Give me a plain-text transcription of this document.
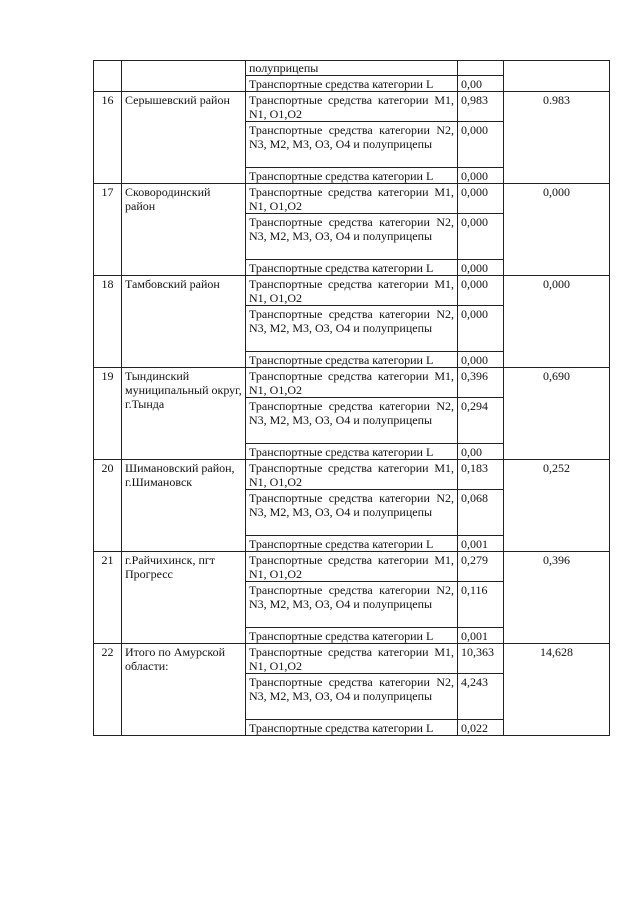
		полуприцепы		
		Транспортные средства категории L	0,00	
16	Серышевский район	Транспортные средства категории M1, N1, O1,O2	0,983	0.983
		Транспортные средства категории N2, N3, M2, M3, O3, O4 и полуприцепы	0,000	
		Транспортные средства категории L	0,000	
17	Сковородинский район	Транспортные средства категории M1, N1, O1,O2	0,000	0,000
		Транспортные средства категории N2, N3, M2, M3, O3, O4 и полуприцепы	0,000	
		Транспортные средства категории L	0,000	
18	Тамбовский район	Транспортные средства категории M1, N1, O1,O2	0,000	0,000
		Транспортные средства категории N2, N3, M2, M3, O3, O4 и полуприцепы	0,000	
		Транспортные средства категории L	0,000	
19	Тындинский муниципальный округ, г.Тында	Транспортные средства категории M1, N1, O1,O2	0,396	0,690
		Транспортные средства категории N2, N3, M2, M3, O3, O4 и полуприцепы	0,294	
		Транспортные средства категории L	0,00	
20	Шимановский район, г.Шимановск	Транспортные средства категории M1, N1, O1,O2	0,183	0,252
		Транспортные средства категории N2, N3, M2, M3, O3, O4 и полуприцепы	0,068	
		Транспортные средства категории L	0,001	
21	г.Райчихинск, пгт Прогресс	Транспортные средства категории M1, N1, O1,O2	0,279	0,396
		Транспортные средства категории N2, N3, M2, M3, O3, O4 и полуприцепы	0,116	
		Транспортные средства категории L	0,001	
22	Итого по Амурской области:	Транспортные средства категории M1, N1, O1,O2	10,363	14,628
		Транспортные средства категории N2, N3, M2, M3, O3, O4 и полуприцепы	4,243	
		Транспортные средства категории L	0,022	
